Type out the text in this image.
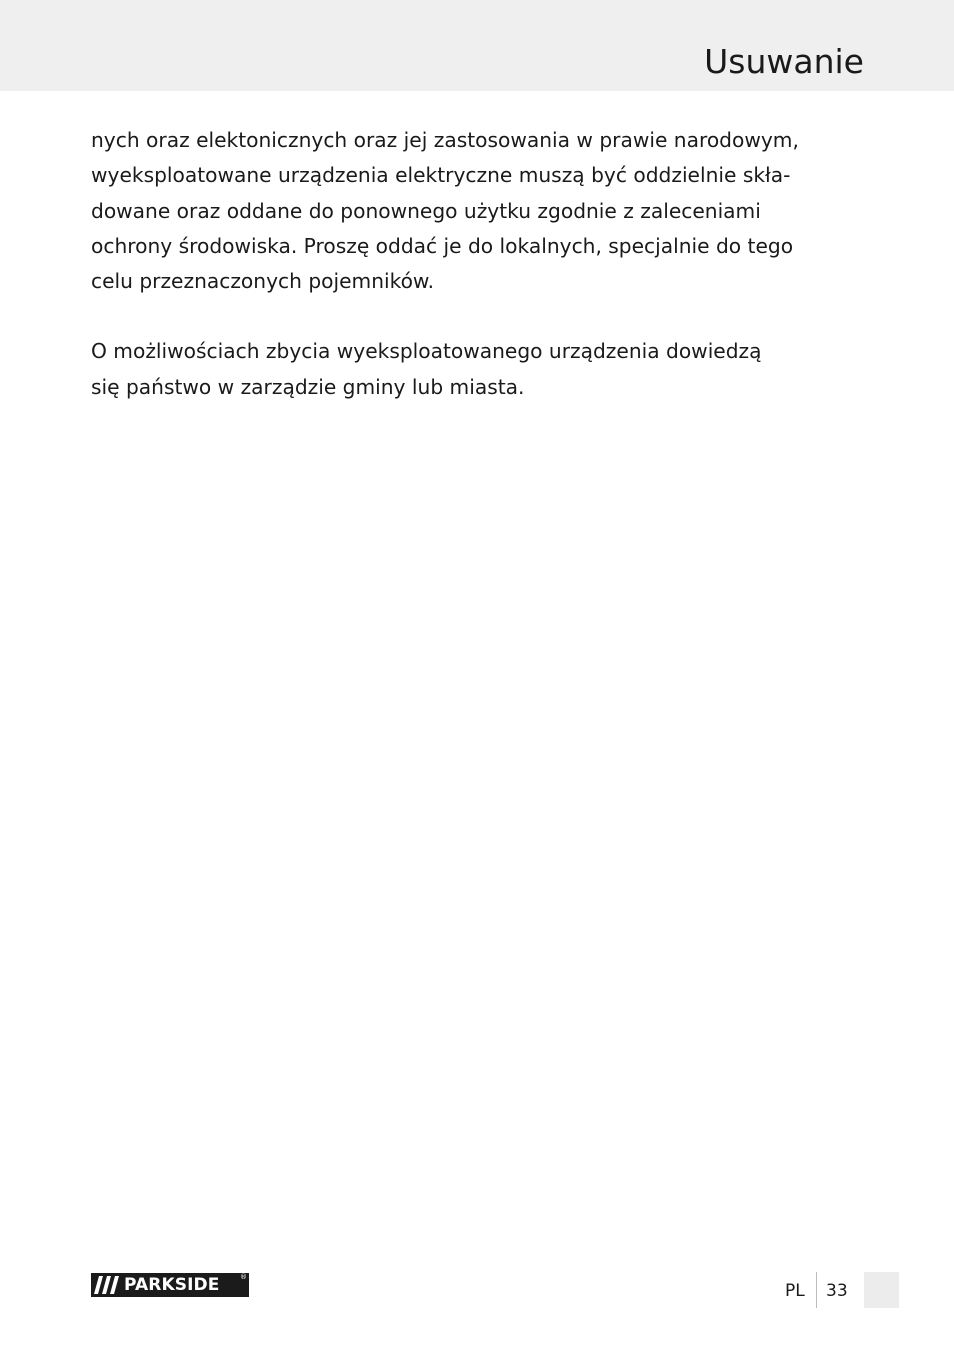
Usuwanie

nych oraz elektonicznych oraz jej zastosowania w prawie narodowym,
wyeksploatowane urządzenia elektryczne muszą być oddzielnie skła-
dowane oraz oddane do ponownego użytku zgodnie z zaleceniami
ochrony środowiska. Proszę oddać je do lokalnych, specjalnie do tego
celu przeznaczonych pojemników.

O możliwościach zbycia wyeksploatowanego urządzenia dowiedzą
się państwo w zarządzie gminy lub miasta.

PARKSIDE	®
PL 33
